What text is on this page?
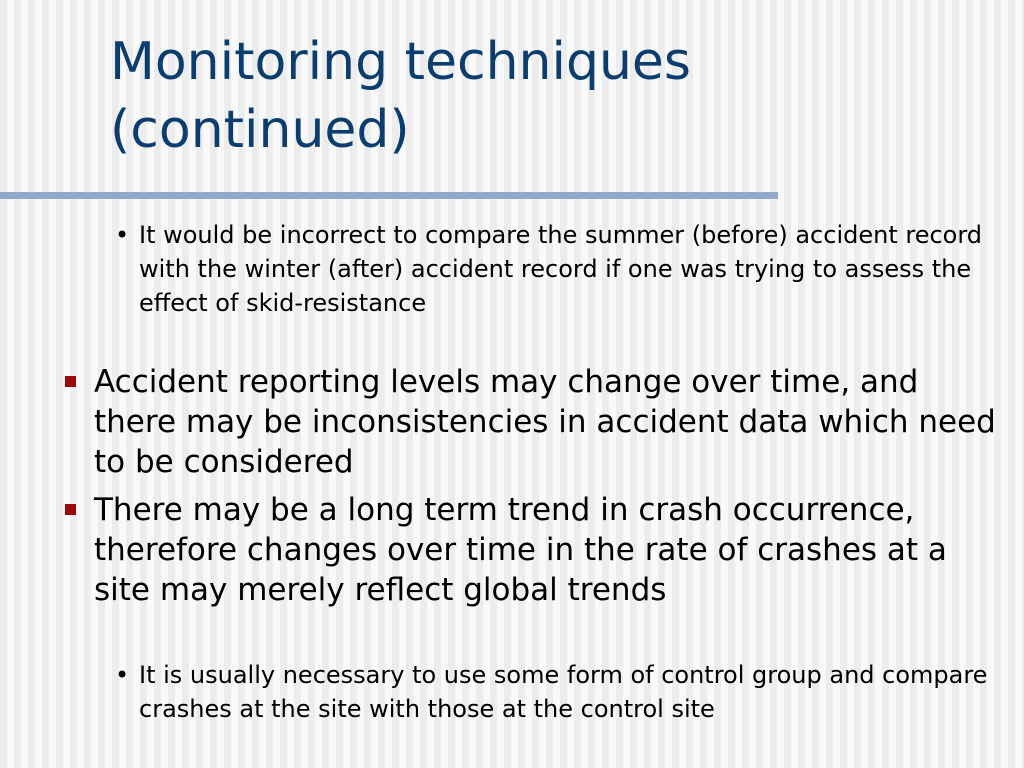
Monitoring techniques (continued)
• It would be incorrect to compare the summer (before) accident record with the winter (after) accident record if one was trying to assess the effect of skid-resistance
Accident reporting levels may change over time, and there may be inconsistencies in accident data which need to be considered
There may be a long term trend in crash occurrence, therefore changes over time in the rate of crashes at a site may merely reflect global trends
• It is usually necessary to use some form of control group and compare crashes at the site with those at the control site
